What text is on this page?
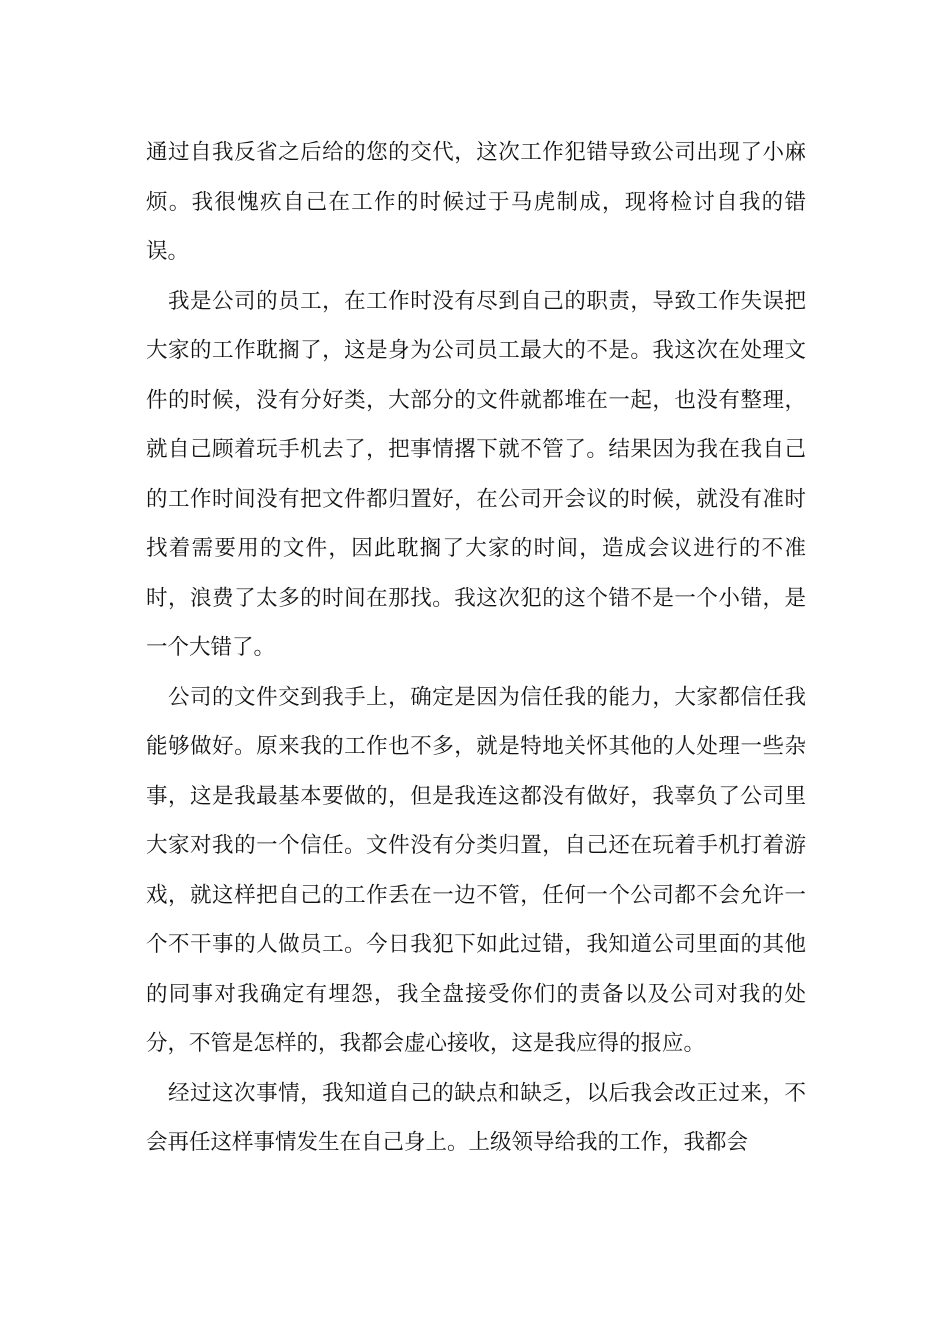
通过自我反省之后给的您的交代，这次工作犯错导致公司出现了小麻烦。我很愧疚自己在工作的时候过于马虎制成，现将检讨自我的错误。

我是公司的员工，在工作时没有尽到自己的职责，导致工作失误把大家的工作耽搁了，这是身为公司员工最大的不是。我这次在处理文件的时候，没有分好类，大部分的文件就都堆在一起，也没有整理，就自己顾着玩手机去了，把事情撂下就不管了。结果因为我在我自己的工作时间没有把文件都归置好，在公司开会议的时候，就没有准时找着需要用的文件，因此耽搁了大家的时间，造成会议进行的不准时，浪费了太多的时间在那找。我这次犯的这个错不是一个小错，是一个大错了。

公司的文件交到我手上，确定是因为信任我的能力，大家都信任我能够做好。原来我的工作也不多，就是特地关怀其他的人处理一些杂事，这是我最基本要做的，但是我连这都没有做好，我辜负了公司里大家对我的一个信任。文件没有分类归置，自己还在玩着手机打着游戏，就这样把自己的工作丢在一边不管，任何一个公司都不会允许一个不干事的人做员工。今日我犯下如此过错，我知道公司里面的其他的同事对我确定有埋怨，我全盘接受你们的责备以及公司对我的处分，不管是怎样的，我都会虚心接收，这是我应得的报应。

经过这次事情，我知道自己的缺点和缺乏，以后我会改正过来，不会再任这样事情发生在自己身上。上级领导给我的工作，我都会
